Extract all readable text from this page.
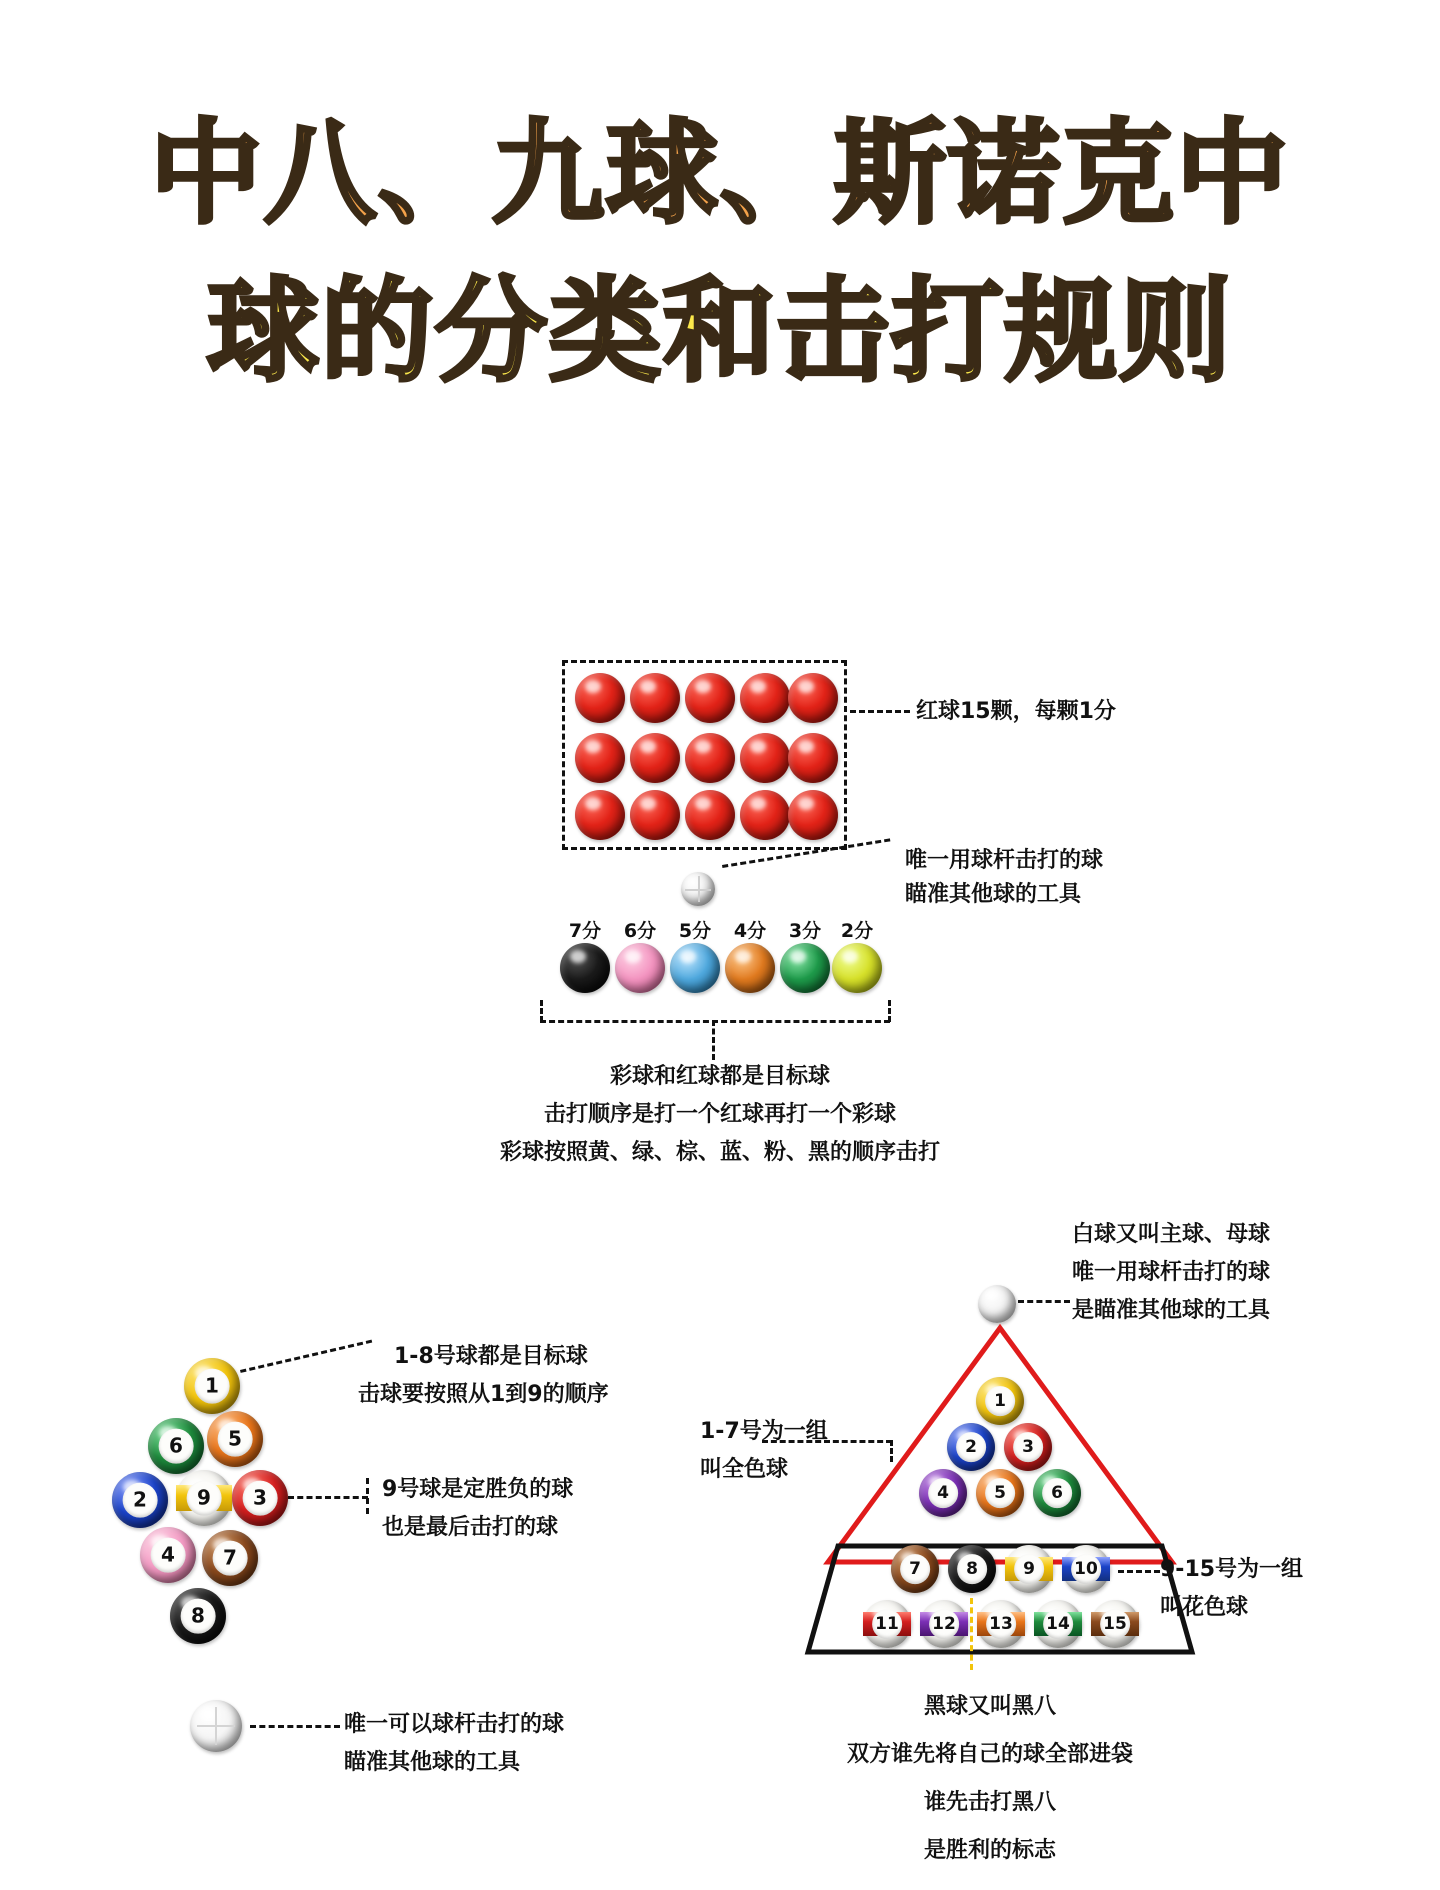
中八、九球、斯诺克中
球的分类和击打规则
红球15颗，每颗1分
唯一用球杆击打的球
瞄准其他球的工具
7分	6分	5分	4分	3分	2分
彩球和红球都是目标球
击打顺序是打一个红球再打一个彩球
彩球按照黄、绿、棕、蓝、粉、黑的顺序击打
1
6	5
2	9	3
4	7
8
1-8号球都是目标球
击球要按照从1到9的顺序
9号球是定胜负的球
也是最后击打的球
唯一可以球杆击打的球
瞄准其他球的工具
白球又叫主球、母球
唯一用球杆击打的球
是瞄准其他球的工具
1
2	3
4	5	6
7	8	9	10
11 12 13 14 15
1-7号为一组
叫全色球
9-15号为一组
叫花色球
黑球又叫黑八
双方谁先将自己的球全部进袋
谁先击打黑八
是胜利的标志
